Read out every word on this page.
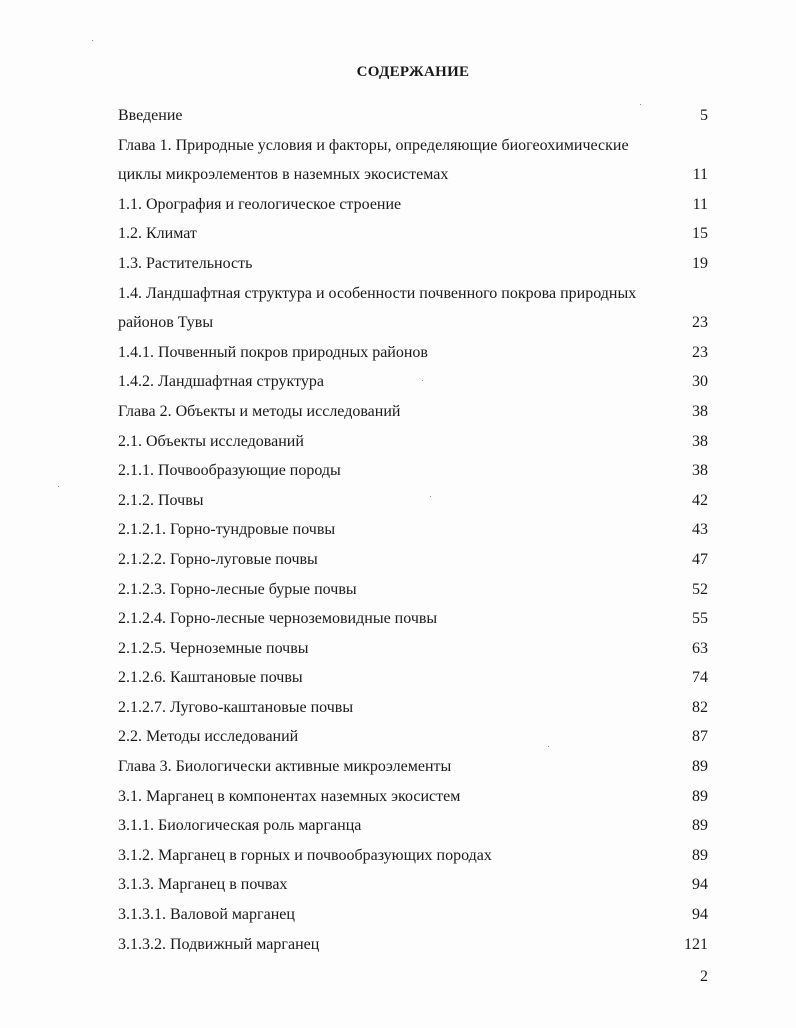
СОДЕРЖАНИЕ
Введение	5
Глава 1. Природные условия и факторы, определяющие биогеохимические циклы микроэлементов в наземных экосистемах	11
1.1. Орография и геологическое строение	11
1.2. Климат	15
1.3. Растительность	19
1.4. Ландшафтная структура и особенности почвенного покрова природных районов Тувы	23
1.4.1. Почвенный покров природных районов	23
1.4.2. Ландшафтная структура	30
Глава 2. Объекты и методы исследований	38
2.1. Объекты исследований	38
2.1.1. Почвообразующие породы	38
2.1.2. Почвы	42
2.1.2.1. Горно-тундровые почвы	43
2.1.2.2. Горно-луговые почвы	47
2.1.2.3. Горно-лесные бурые почвы	52
2.1.2.4. Горно-лесные черноземовидные почвы	55
2.1.2.5. Черноземные почвы	63
2.1.2.6. Каштановые почвы	74
2.1.2.7. Лугово-каштановые почвы	82
2.2. Методы исследований	87
Глава 3. Биологически активные микроэлементы	89
3.1. Марганец в компонентах наземных экосистем	89
3.1.1. Биологическая роль марганца	89
3.1.2. Марганец в горных и почвообразующих породах	89
3.1.3. Марганец в почвах	94
3.1.3.1. Валовой марганец	94
3.1.3.2. Подвижный марганец	121
2
